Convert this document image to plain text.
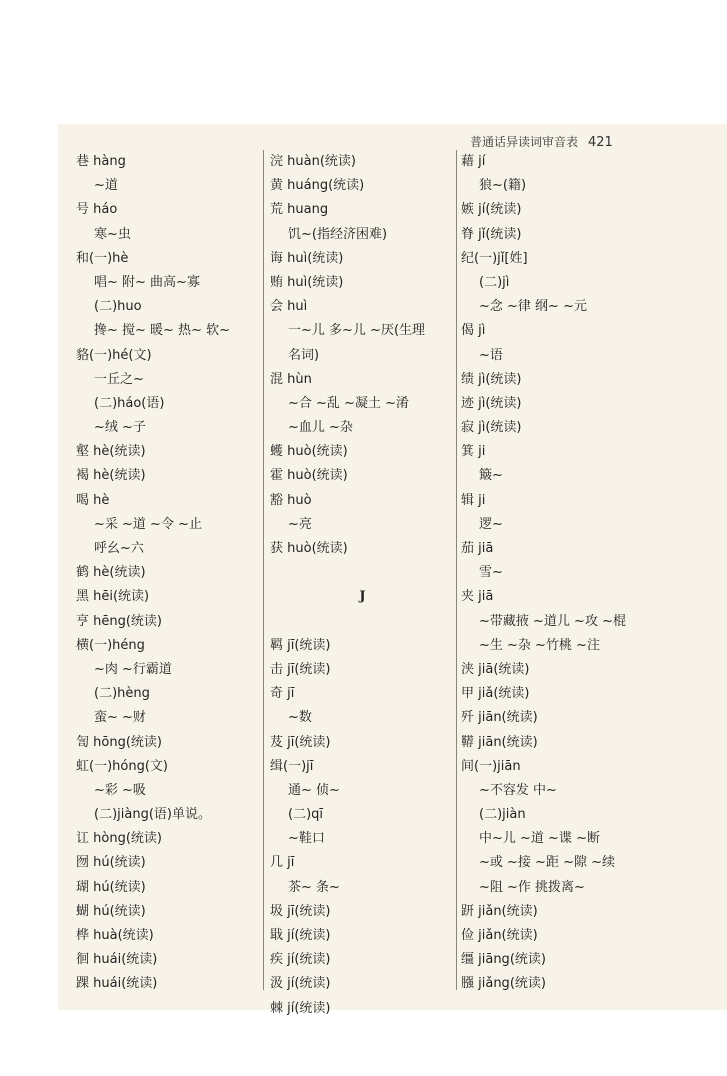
普通话异读词审音表 421
巷 hàng
~道
号 háo
寒~虫
和(一)hè
唱~ 附~ 曲高~寡
(二)huo
搀~ 搅~ 暖~ 热~ 软~
貉(一)hé(文)
一丘之~
(二)háo(语)
~绒 ~子
壑 hè(统读)
褐 hè(统读)
喝 hè
~采 ~道 ~令 ~止
呼幺~六
鹤 hè(统读)
黑 hēi(统读)
亨 hēng(统读)
横(一)héng
~肉 ~行霸道
(二)hèng
蛮~ ~财
訇 hōng(统读)
虹(一)hóng(文)
~彩 ~吸
(二)jiàng(语)单说。
讧 hòng(统读)
囫 hú(统读)
瑚 hú(统读)
蝴 hú(统读)
桦 huà(统读)
徊 huái(统读)
踝 huái(统读)
浣 huàn(统读)
黄 huáng(统读)
荒 huang
饥~(指经济困难)
诲 huì(统读)
贿 huì(统读)
会 huì
一~儿 多~儿 ~厌(生理
名词)
混 hùn
~合 ~乱 ~凝土 ~淆
~血儿 ~杂
蠖 huò(统读)
霍 huò(统读)
豁 huò
~亮
获 huò(统读)
J
羁 jī(统读)
击 jī(统读)
奇 jī
~数
芨 jī(统读)
缉(一)jī
通~ 侦~
(二)qī
~鞋口
几 jī
茶~ 条~
圾 jī(统读)
戢 jí(统读)
疾 jí(统读)
汲 jí(统读)
棘 jí(统读)
藉 jí
狼~(籍)
嫉 jí(统读)
脊 jǐ(统读)
纪(一)jǐ[姓]
(二)jì
~念 ~律 纲~ ~元
偈 jì
~语
绩 jì(统读)
迹 jì(统读)
寂 jì(统读)
箕 ji
簸~
辑 ji
逻~
茄 jiā
雪~
夹 jiā
~带藏掖 ~道儿 ~攻 ~棍
~生 ~杂 ~竹桃 ~注
浃 jiā(统读)
甲 jiǎ(统读)
歼 jiān(统读)
鞯 jiān(统读)
间(一)jiān
~不容发 中~
(二)jiàn
中~儿 ~道 ~谍 ~断
~或 ~接 ~距 ~隙 ~续
~阻 ~作 挑拨离~
趼 jiǎn(统读)
俭 jiǎn(统读)
缰 jiāng(统读)
膙 jiǎng(统读)
